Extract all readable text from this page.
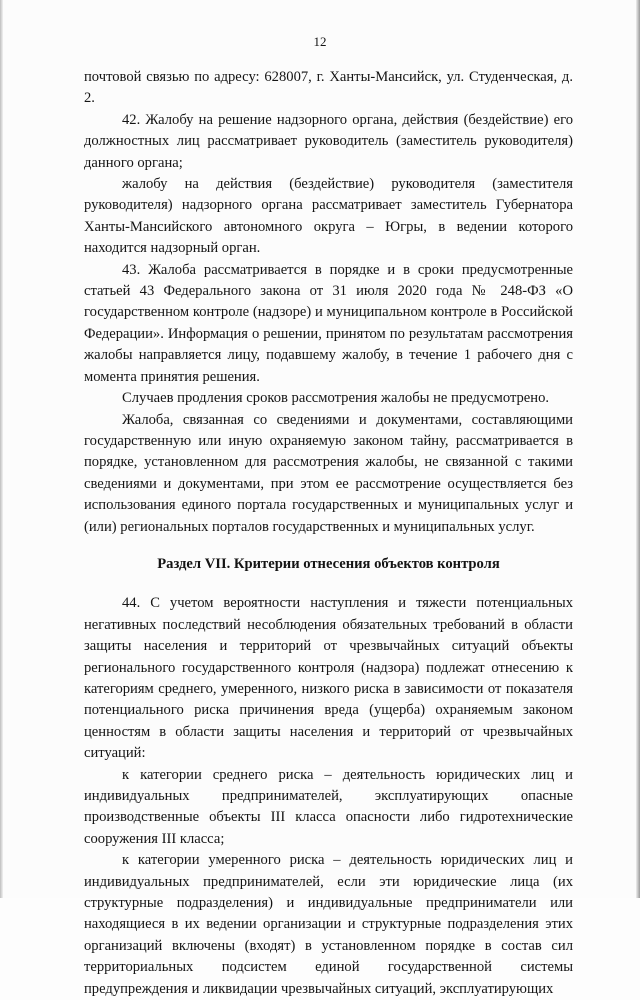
12

почтовой связью по адресу: 628007, г. Ханты-Мансийск, ул. Студенческая, д. 2.

42. Жалобу на решение надзорного органа, действия (бездействие) его должностных лиц рассматривает руководитель (заместитель руководителя) данного органа;

жалобу на действия (бездействие) руководителя (заместителя руководителя) надзорного органа рассматривает заместитель Губернатора Ханты-Мансийского автономного округа – Югры, в ведении которого находится надзорный орган.

43. Жалоба рассматривается в порядке и в сроки предусмотренные статьей 43 Федерального закона от 31 июля 2020 года № 248-ФЗ «О государственном контроле (надзоре) и муниципальном контроле в Российской Федерации». Информация о решении, принятом по результатам рассмотрения жалобы направляется лицу, подавшему жалобу, в течение 1 рабочего дня с момента принятия решения.

Случаев продления сроков рассмотрения жалобы не предусмотрено.

Жалоба, связанная со сведениями и документами, составляющими государственную или иную охраняемую законом тайну, рассматривается в порядке, установленном для рассмотрения жалобы, не связанной с такими сведениями и документами, при этом ее рассмотрение осуществляется без использования единого портала государственных и муниципальных услуг и (или) региональных порталов государственных и муниципальных услуг.

Раздел VII. Критерии отнесения объектов контроля

44. С учетом вероятности наступления и тяжести потенциальных негативных последствий несоблюдения обязательных требований в области защиты населения и территорий от чрезвычайных ситуаций объекты регионального государственного контроля (надзора) подлежат отнесению к категориям среднего, умеренного, низкого риска в зависимости от показателя потенциального риска причинения вреда (ущерба) охраняемым законом ценностям в области защиты населения и территорий от чрезвычайных ситуаций:

к категории среднего риска – деятельность юридических лиц и индивидуальных предпринимателей, эксплуатирующих опасные производственные объекты III класса опасности либо гидротехнические сооружения III класса;

к категории умеренного риска – деятельность юридических лиц и индивидуальных предпринимателей, если эти юридические лица (их структурные подразделения) и индивидуальные предприниматели или находящиеся в их ведении организации и структурные подразделения этих организаций включены (входят) в установленном порядке в состав сил территориальных подсистем единой государственной системы предупреждения и ликвидации чрезвычайных ситуаций, эксплуатирующих
